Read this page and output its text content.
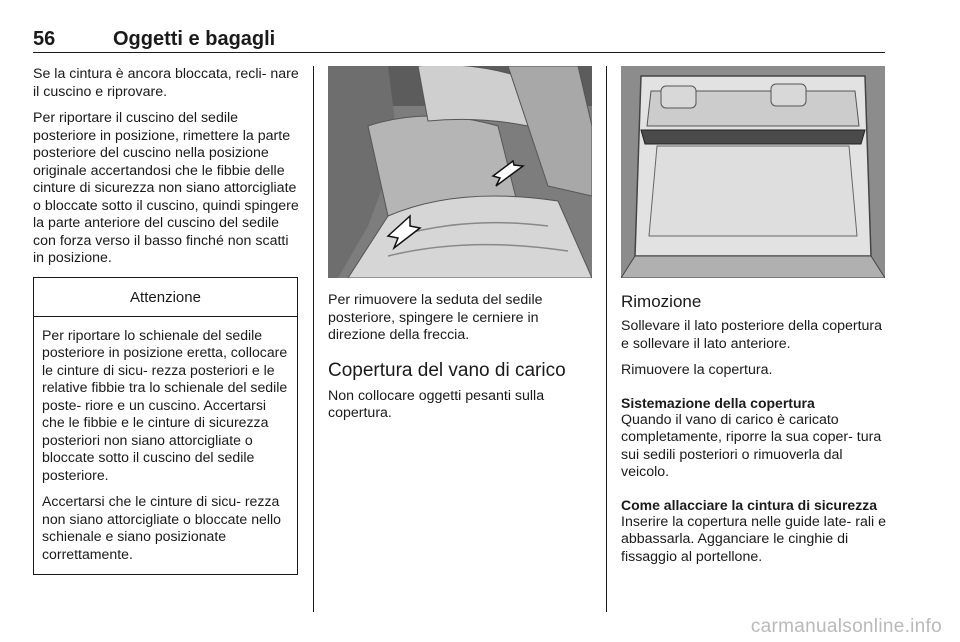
56	Oggetti e bagagli

Se la cintura è ancora bloccata, recli- nare il cuscino e riprovare.

Per riportare il cuscino del sedile posteriore in posizione, rimettere la parte posteriore del cuscino nella posizione originale accertandosi che le fibbie delle cinture di sicurezza non siano attorcigliate o bloccate sotto il cuscino, quindi spingere la parte anteriore del cuscino del sedile con forza verso il basso finché non scatti in posizione.

Attenzione

Per riportare lo schienale del sedile posteriore in posizione eretta, collocare le cinture di sicu- rezza posteriori e le relative fibbie tra lo schienale del sedile poste- riore e un cuscino. Accertarsi che le fibbie e le cinture di sicurezza posteriori non siano attorcigliate o bloccate sotto il cuscino del sedile posteriore.

Accertarsi che le cinture di sicu- rezza non siano attorcigliate o bloccate nello schienale e siano posizionate correttamente.

Per rimuovere la seduta del sedile posteriore, spingere le cerniere in direzione della freccia.

Copertura del vano di carico

Non collocare oggetti pesanti sulla copertura.

Rimozione

Sollevare il lato posteriore della copertura e sollevare il lato anteriore.

Rimuovere la copertura.

Sistemazione della copertura

Quando il vano di carico è caricato completamente, riporre la sua coper- tura sui sedili posteriori o rimuoverla dal veicolo.

Come allacciare la cintura di sicurezza

Inserire la copertura nelle guide late- rali e abbassarla. Agganciare le cinghie di fissaggio al portellone.

carmanualsonline.info
